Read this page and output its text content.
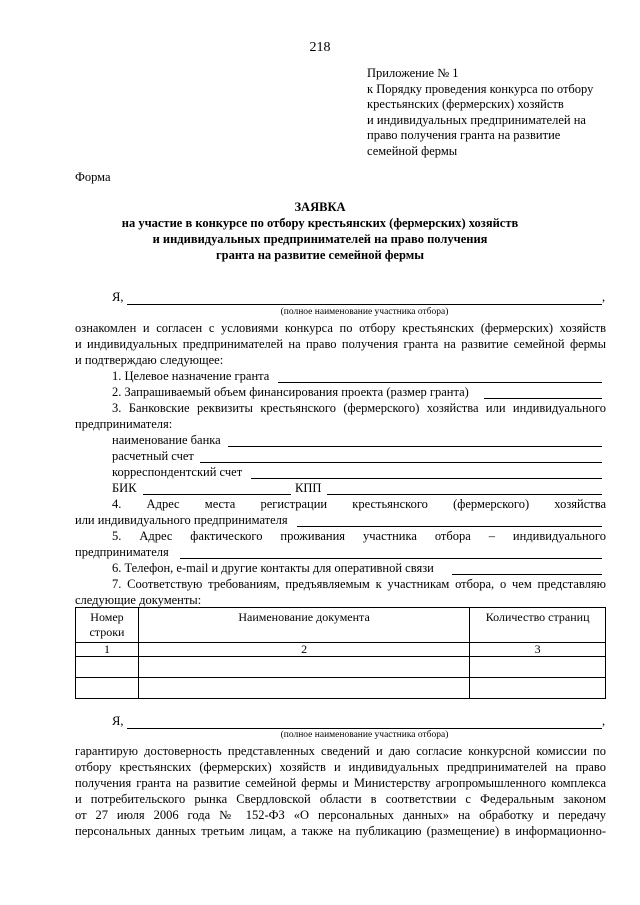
218
Приложение № 1
к Порядку проведения конкурса по отбору
крестьянских (фермерских) хозяйств
и индивидуальных предпринимателей на
право получения гранта на развитие
семейной фермы
Форма
ЗАЯВКА
на участие в конкурсе по отбору крестьянских (фермерских) хозяйств
и индивидуальных предпринимателей на право получения
гранта на развитие семейной фермы
Я,	,
(полное наименование участника отбора)
ознакомлен и согласен с условиями конкурса по отбору крестьянских (фермерских) хозяйств
и индивидуальных предпринимателей на право получения гранта на развитие семейной фермы
и подтверждаю следующее:
1. Целевое назначение гранта
2. Запрашиваемый объем финансирования проекта (размер гранта)
3. Банковские реквизиты крестьянского (фермерского) хозяйства или индивидуального
предпринимателя:
наименование банка
расчетный счет
корреспондентский счет
БИК	КПП
4. Адрес места регистрации крестьянского (фермерского) хозяйства
или индивидуального предпринимателя
5. Адрес фактического проживания участника отбора – индивидуального
предпринимателя
6. Телефон, e-mail и другие контакты для оперативной связи
7. Соответствую требованиям, предъявляемым к участникам отбора, о чем представляю
следующие документы:
Номер строки	Наименование документа	Количество страниц
1	2	3

Я,	,
(полное наименование участника отбора)
гарантирую достоверность представленных сведений и даю согласие конкурсной комиссии по
отбору крестьянских (фермерских) хозяйств и индивидуальных предпринимателей на право
получения гранта на развитие семейной фермы и Министерству агропромышленного комплекса
и потребительского рынка Свердловской области в соответствии с Федеральным законом
от 27 июля 2006 года № 152-ФЗ «О персональных данных» на обработку и передачу
персональных данных третьим лицам, а также на публикацию (размещение) в информационно-
